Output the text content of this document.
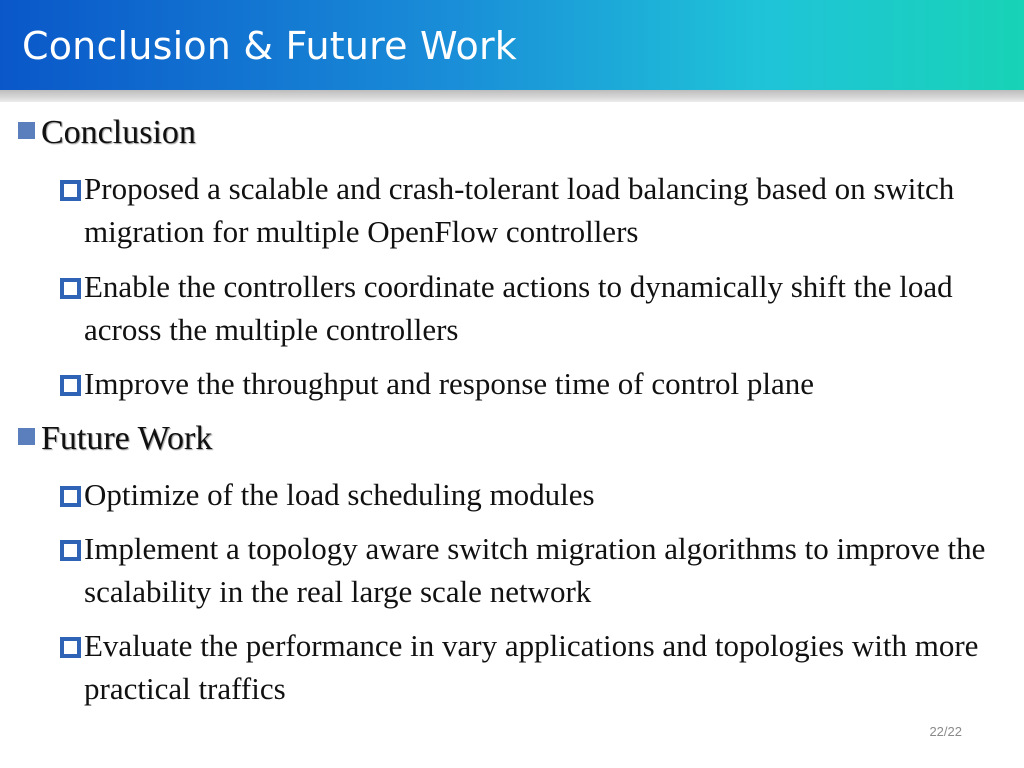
Conclusion & Future Work
Conclusion
Proposed a scalable and crash-tolerant load balancing based on switch migration for multiple OpenFlow controllers
Enable the controllers coordinate actions to dynamically shift the load across the multiple controllers
Improve the throughput and response time of control plane
Future Work
Optimize of the load scheduling modules
Implement a topology aware switch migration algorithms to improve the scalability in the real large scale network
Evaluate the performance in vary applications and topologies with more practical traffics
22/22
